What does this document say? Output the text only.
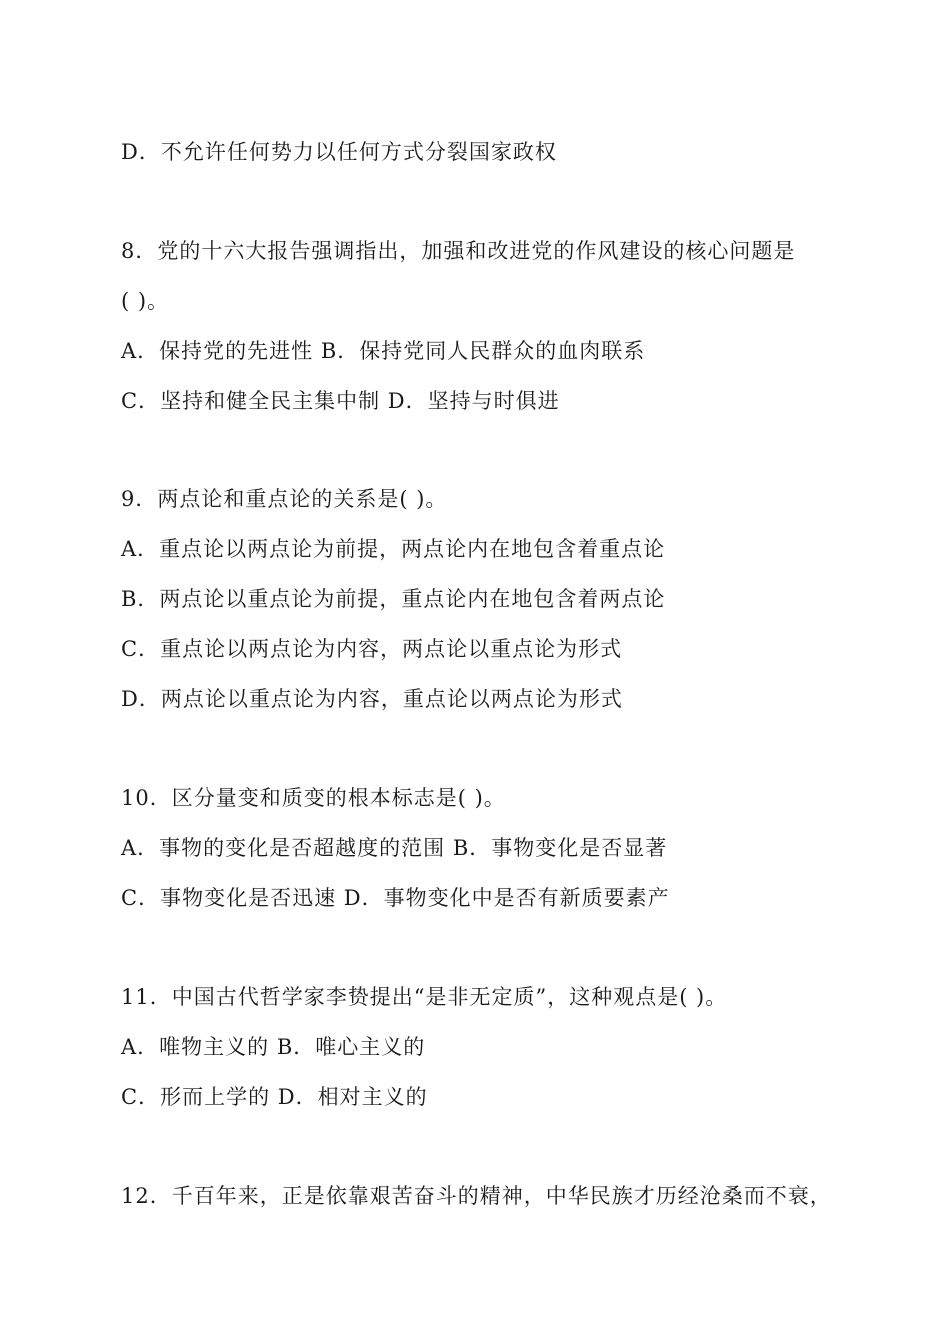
D．不允许任何势力以任何方式分裂国家政权
8．党的十六大报告强调指出，加强和改进党的作风建设的核心问题是
( )。
A．保持党的先进性 B．保持党同人民群众的血肉联系
C．坚持和健全民主集中制 D．坚持与时俱进
9．两点论和重点论的关系是( )。
A．重点论以两点论为前提，两点论内在地包含着重点论
B．两点论以重点论为前提，重点论内在地包含着两点论
C．重点论以两点论为内容，两点论以重点论为形式
D．两点论以重点论为内容，重点论以两点论为形式
10．区分量变和质变的根本标志是( )。
A．事物的变化是否超越度的范围 B．事物变化是否显著
C．事物变化是否迅速 D．事物变化中是否有新质要素产
11．中国古代哲学家李贽提出“是非无定质”，这种观点是( )。
A．唯物主义的 B．唯心主义的
C．形而上学的 D．相对主义的
12．千百年来，正是依靠艰苦奋斗的精神，中华民族才历经沧桑而不衰，
